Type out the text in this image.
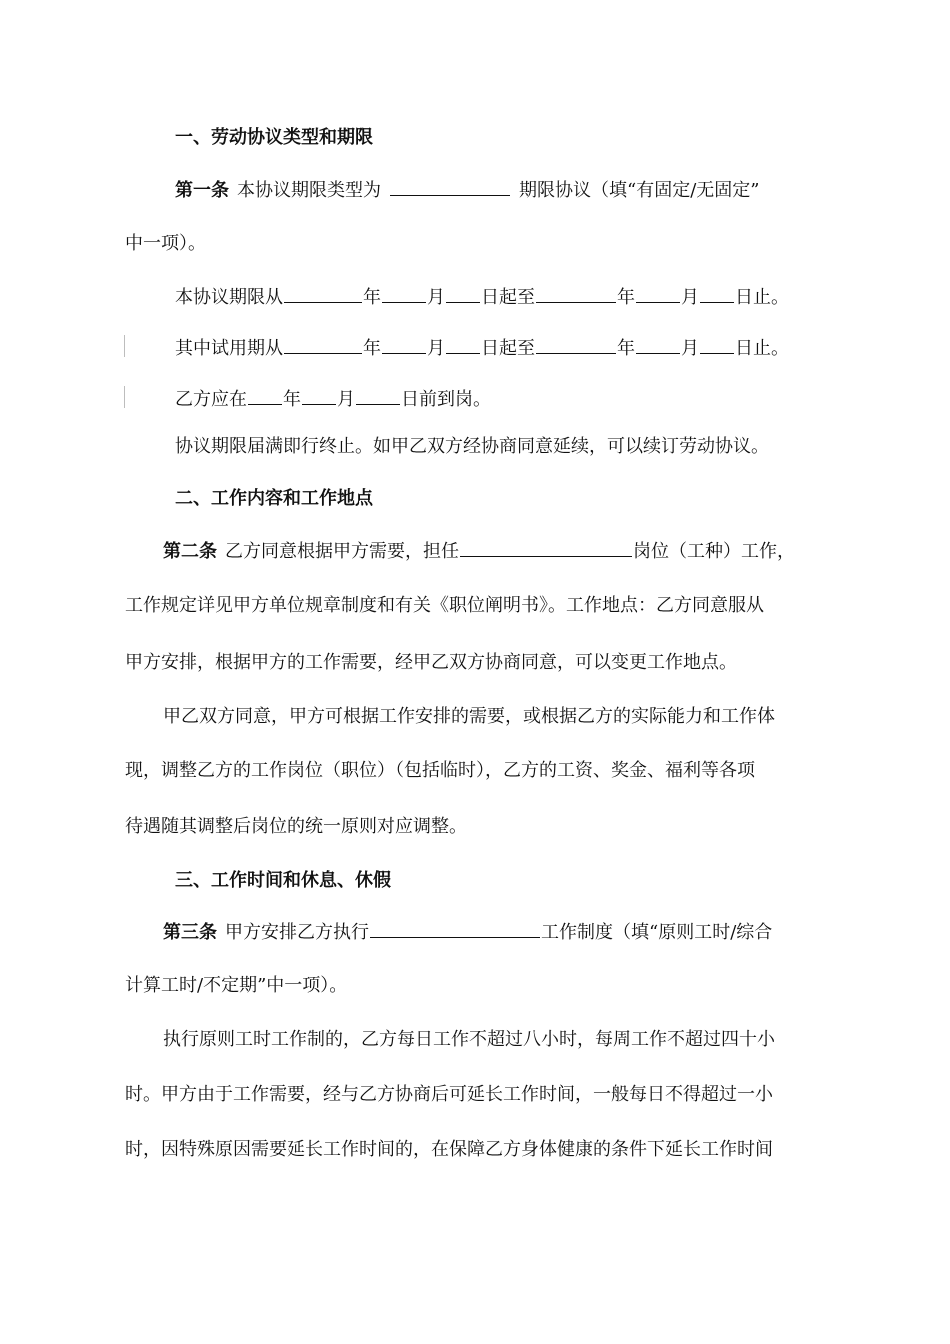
一、劳动协议类型和期限
第一条 本协议期限类型为	期限协议（填“有固定/无固定”
中一项）。
本协议期限从	年	月 日起至	年	月 日止。
其中试用期从	年	月 日起至	年	月 日止。
乙方应在 年 月	日前到岗。
协议期限届满即行终止。如甲乙双方经协商同意延续，可以续订劳动协议。
二、工作内容和工作地点
第二条 乙方同意根据甲方需要，担任	岗位（工种）工作，
工作规定详见甲方单位规章制度和有关《职位阐明书》。工作地点：乙方同意服从
甲方安排，根据甲方的工作需要，经甲乙双方协商同意，可以变更工作地点。
甲乙双方同意，甲方可根据工作安排的需要，或根据乙方的实际能力和工作体
现，调整乙方的工作岗位（职位）（包括临时），乙方的工资、奖金、福利等各项
待遇随其调整后岗位的统一原则对应调整。
三、工作时间和休息、休假
第三条 甲方安排乙方执行	工作制度（填“原则工时/综合
计算工时/不定期”中一项）。
执行原则工时工作制的，乙方每日工作不超过八小时，每周工作不超过四十小
时。甲方由于工作需要，经与乙方协商后可延长工作时间，一般每日不得超过一小
时，因特殊原因需要延长工作时间的，在保障乙方身体健康的条件下延长工作时间
